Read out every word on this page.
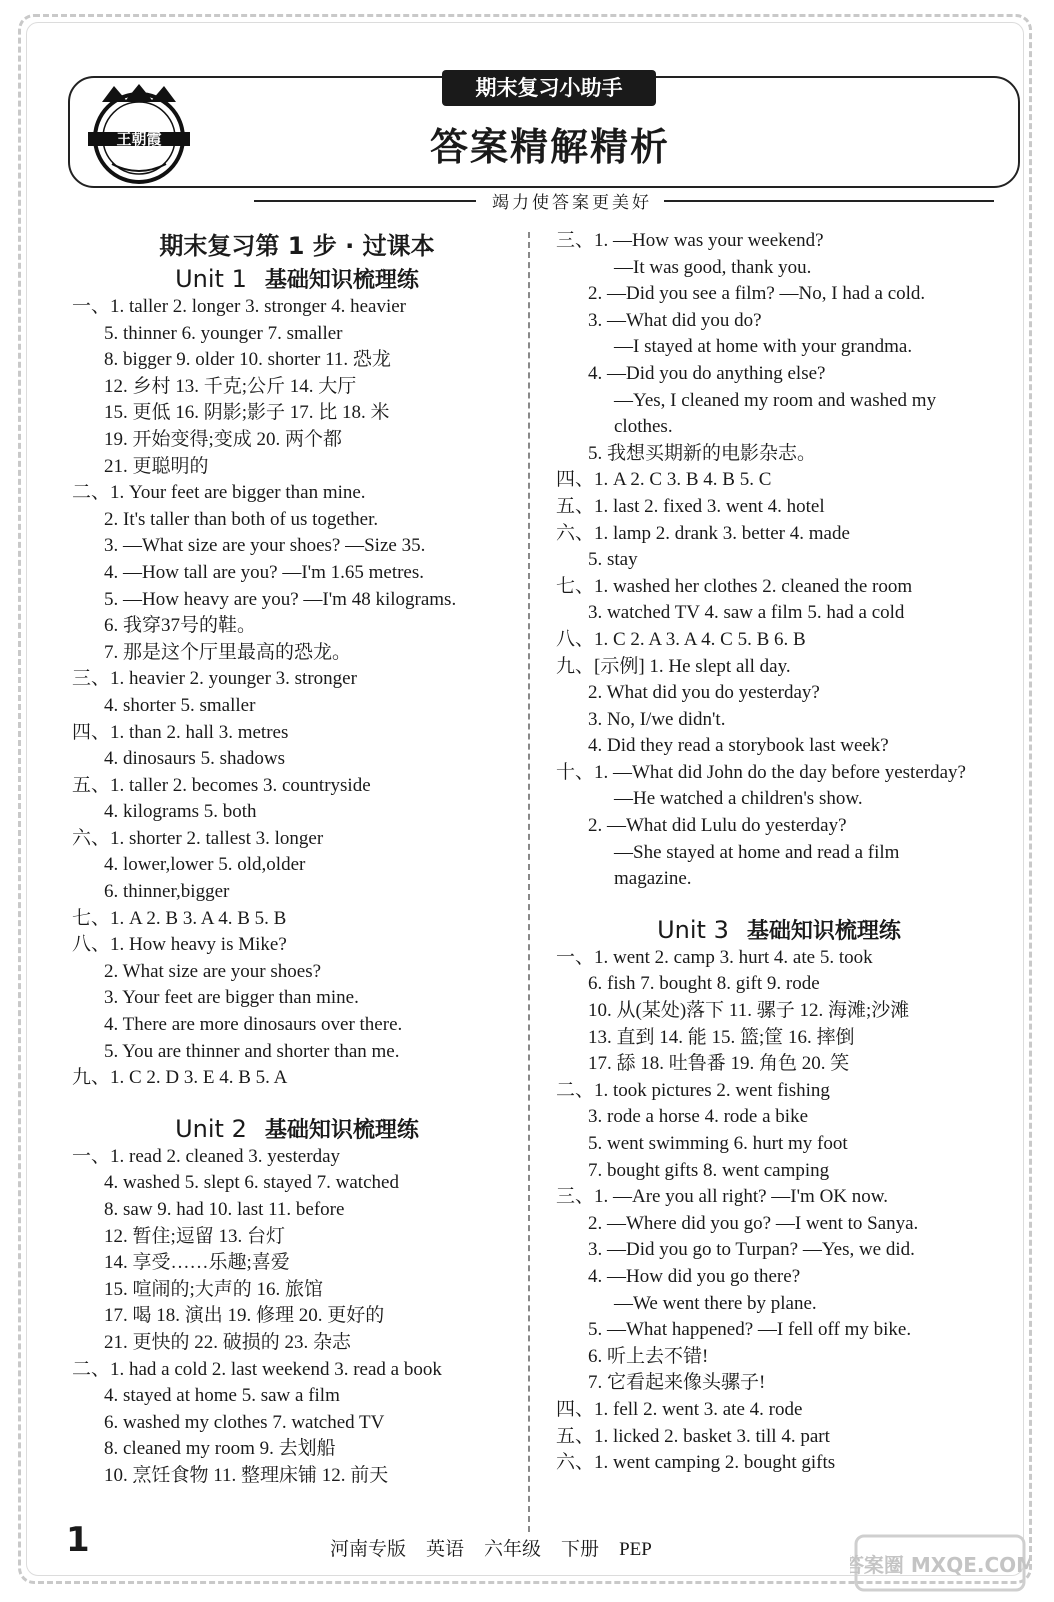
王朝霞
期末复习小助手
答案精解精析
竭力使答案更美好
期末复习第 1 步 · 过课本
Unit 1 基础知识梳理练
一、1. taller 2. longer 3. stronger 4. heavier
5. thinner 6. younger 7. smaller
8. bigger 9. older 10. shorter 11. 恐龙
12. 乡村 13. 千克;公斤 14. 大厅
15. 更低 16. 阴影;影子 17. 比 18. 米
19. 开始变得;变成 20. 两个都
21. 更聪明的
二、1. Your feet are bigger than mine.
2. It's taller than both of us together.
3. —What size are your shoes? —Size 35.
4. —How tall are you? —I'm 1.65 metres.
5. —How heavy are you? —I'm 48 kilograms.
6. 我穿37号的鞋。
7. 那是这个厅里最高的恐龙。
三、1. heavier 2. younger 3. stronger
4. shorter 5. smaller
四、1. than 2. hall 3. metres
4. dinosaurs 5. shadows
五、1. taller 2. becomes 3. countryside
4. kilograms 5. both
六、1. shorter 2. tallest 3. longer
4. lower,lower 5. old,older
6. thinner,bigger
七、1. A 2. B 3. A 4. B 5. B
八、1. How heavy is Mike?
2. What size are your shoes?
3. Your feet are bigger than mine.
4. There are more dinosaurs over there.
5. You are thinner and shorter than me.
九、1. C 2. D 3. E 4. B 5. A
Unit 2 基础知识梳理练
一、1. read 2. cleaned 3. yesterday
4. washed 5. slept 6. stayed 7. watched
8. saw 9. had 10. last 11. before
12. 暂住;逗留 13. 台灯
14. 享受……乐趣;喜爱
15. 喧闹的;大声的 16. 旅馆
17. 喝 18. 演出 19. 修理 20. 更好的
21. 更快的 22. 破损的 23. 杂志
二、1. had a cold 2. last weekend 3. read a book
4. stayed at home 5. saw a film
6. washed my clothes 7. watched TV
8. cleaned my room 9. 去划船
10. 烹饪食物 11. 整理床铺 12. 前天
三、1. —How was your weekend?
—It was good, thank you.
2. —Did you see a film? —No, I had a cold.
3. —What did you do?
—I stayed at home with your grandma.
4. —Did you do anything else?
—Yes, I cleaned my room and washed my
clothes.
5. 我想买期新的电影杂志。
四、1. A 2. C 3. B 4. B 5. C
五、1. last 2. fixed 3. went 4. hotel
六、1. lamp 2. drank 3. better 4. made
5. stay
七、1. washed her clothes 2. cleaned the room
3. watched TV 4. saw a film 5. had a cold
八、1. C 2. A 3. A 4. C 5. B 6. B
九、[示例] 1. He slept all day.
2. What did you do yesterday?
3. No, I/we didn't.
4. Did they read a storybook last week?
十、1. —What did John do the day before yesterday?
—He watched a children's show.
2. —What did Lulu do yesterday?
—She stayed at home and read a film
magazine.
Unit 3 基础知识梳理练
一、1. went 2. camp 3. hurt 4. ate 5. took
6. fish 7. bought 8. gift 9. rode
10. 从(某处)落下 11. 骡子 12. 海滩;沙滩
13. 直到 14. 能 15. 篮;筐 16. 摔倒
17. 舔 18. 吐鲁番 19. 角色 20. 笑
二、1. took pictures 2. went fishing
3. rode a horse 4. rode a bike
5. went swimming 6. hurt my foot
7. bought gifts 8. went camping
三、1. —Are you all right? —I'm OK now.
2. —Where did you go? —I went to Sanya.
3. —Did you go to Turpan? —Yes, we did.
4. —How did you go there?
—We went there by plane.
5. —What happened? —I fell off my bike.
6. 听上去不错!
7. 它看起来像头骡子!
四、1. fell 2. went 3. ate 4. rode
五、1. licked 2. basket 3. till 4. part
六、1. went camping 2. bought gifts
1	河南专版 英语 六年级 下册 PEP
答案圈 MXQE.COM
